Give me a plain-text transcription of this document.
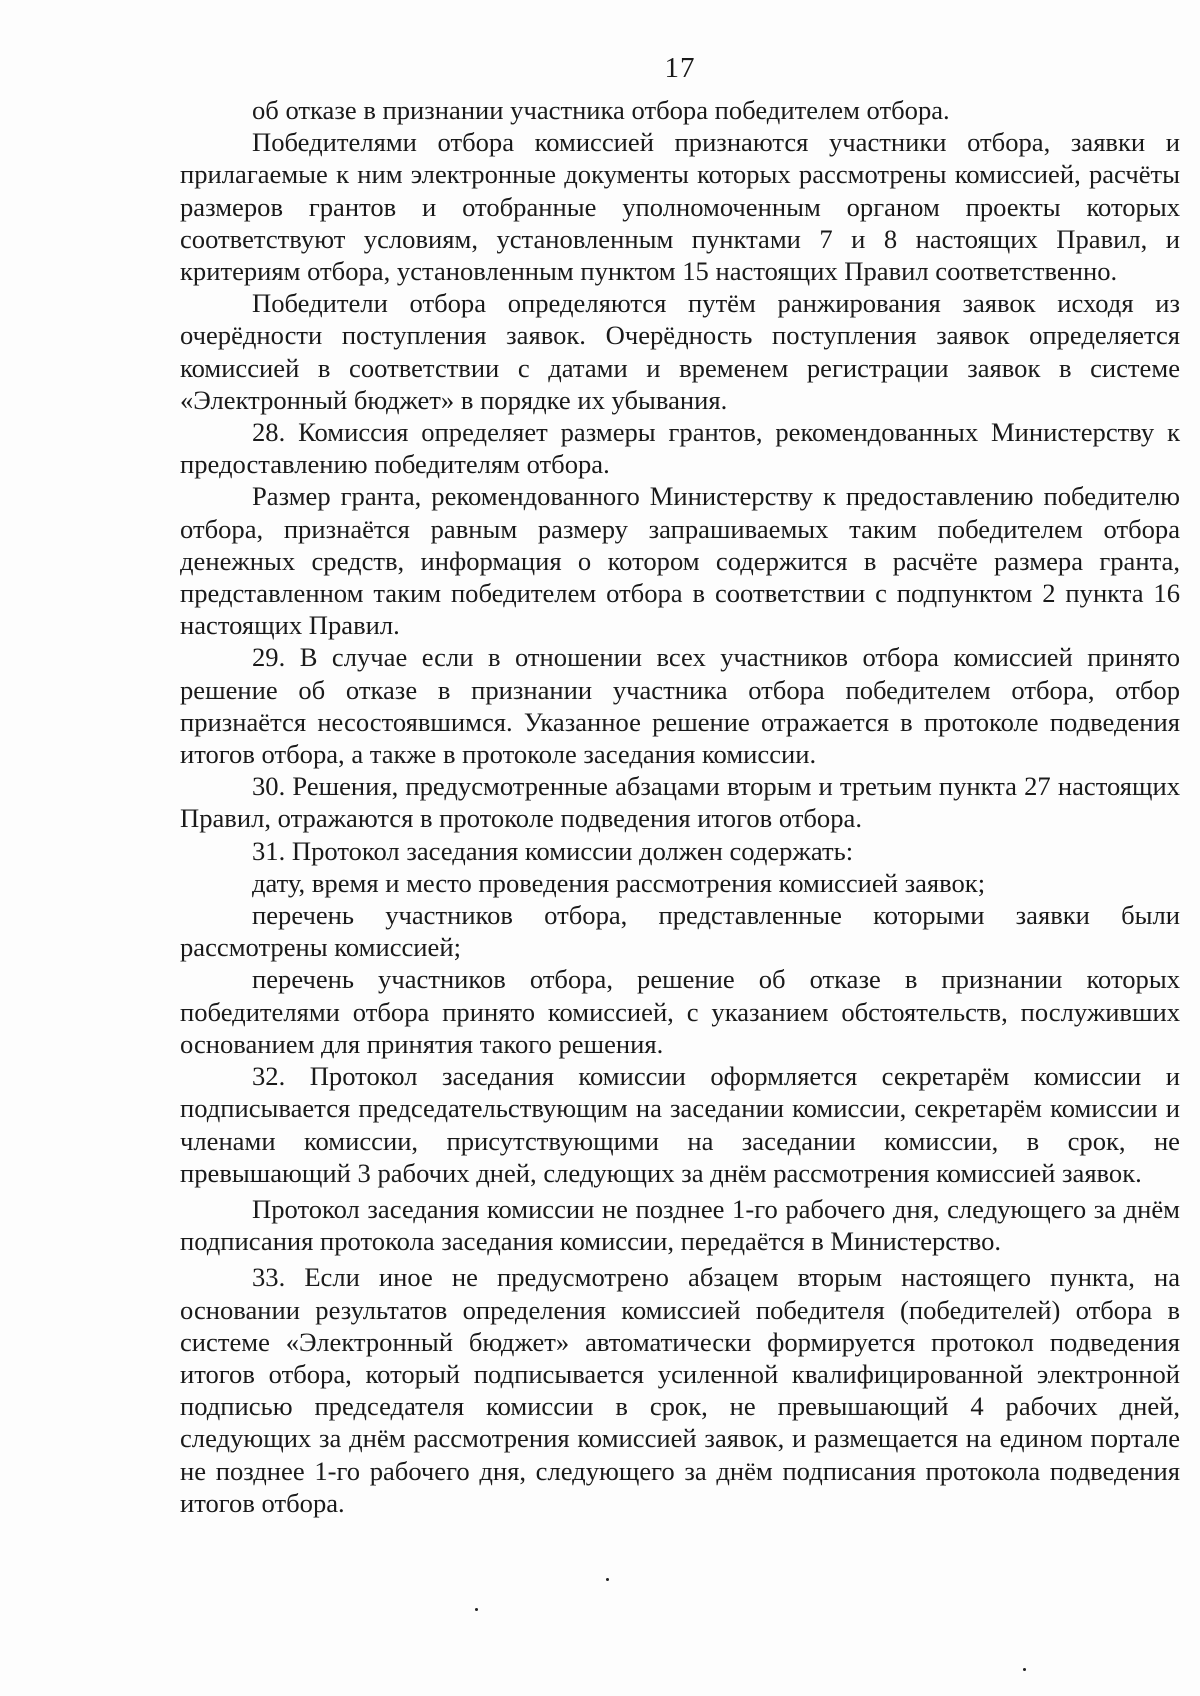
17

об отказе в признании участника отбора победителем отбора.

Победителями отбора комиссией признаются участники отбора, заявки и прилагаемые к ним электронные документы которых рассмотрены комиссией, расчёты размеров грантов и отобранные уполномоченным органом проекты которых соответствуют условиям, установленным пунктами 7 и 8 настоящих Правил, и критериям отбора, установленным пунктом 15 настоящих Правил соответственно.

Победители отбора определяются путём ранжирования заявок исходя из очерёдности поступления заявок. Очерёдность поступления заявок определяется комиссией в соответствии с датами и временем регистрации заявок в системе «Электронный бюджет» в порядке их убывания.

28. Комиссия определяет размеры грантов, рекомендованных Министерству к предоставлению победителям отбора.

Размер гранта, рекомендованного Министерству к предоставлению победителю отбора, признаётся равным размеру запрашиваемых таким победителем отбора денежных средств, информация о котором содержится в расчёте размера гранта, представленном таким победителем отбора в соответствии с подпунктом 2 пункта 16 настоящих Правил.

29. В случае если в отношении всех участников отбора комиссией принято решение об отказе в признании участника отбора победителем отбора, отбор признаётся несостоявшимся. Указанное решение отражается в протоколе подведения итогов отбора, а также в протоколе заседания комиссии.

30. Решения, предусмотренные абзацами вторым и третьим пункта 27 настоящих Правил, отражаются в протоколе подведения итогов отбора.

31. Протокол заседания комиссии должен содержать:

дату, время и место проведения рассмотрения комиссией заявок;

перечень участников отбора, представленные которыми заявки были рассмотрены комиссией;

перечень участников отбора, решение об отказе в признании которых победителями отбора принято комиссией, с указанием обстоятельств, послуживших основанием для принятия такого решения.

32. Протокол заседания комиссии оформляется секретарём комиссии и подписывается председательствующим на заседании комиссии, секретарём комиссии и членами комиссии, присутствующими на заседании комиссии, в срок, не превышающий 3 рабочих дней, следующих за днём рассмотрения комиссией заявок.

Протокол заседания комиссии не позднее 1-го рабочего дня, следующего за днём подписания протокола заседания комиссии, передаётся в Министерство.

33. Если иное не предусмотрено абзацем вторым настоящего пункта, на основании результатов определения комиссией победителя (победителей) отбора в системе «Электронный бюджет» автоматически формируется протокол подведения итогов отбора, который подписывается усиленной квалифицированной электронной подписью председателя комиссии в срок, не превышающий 4 рабочих дней, следующих за днём рассмотрения комиссией заявок, и размещается на едином портале не позднее 1-го рабочего дня, следующего за днём подписания протокола подведения итогов отбора.
